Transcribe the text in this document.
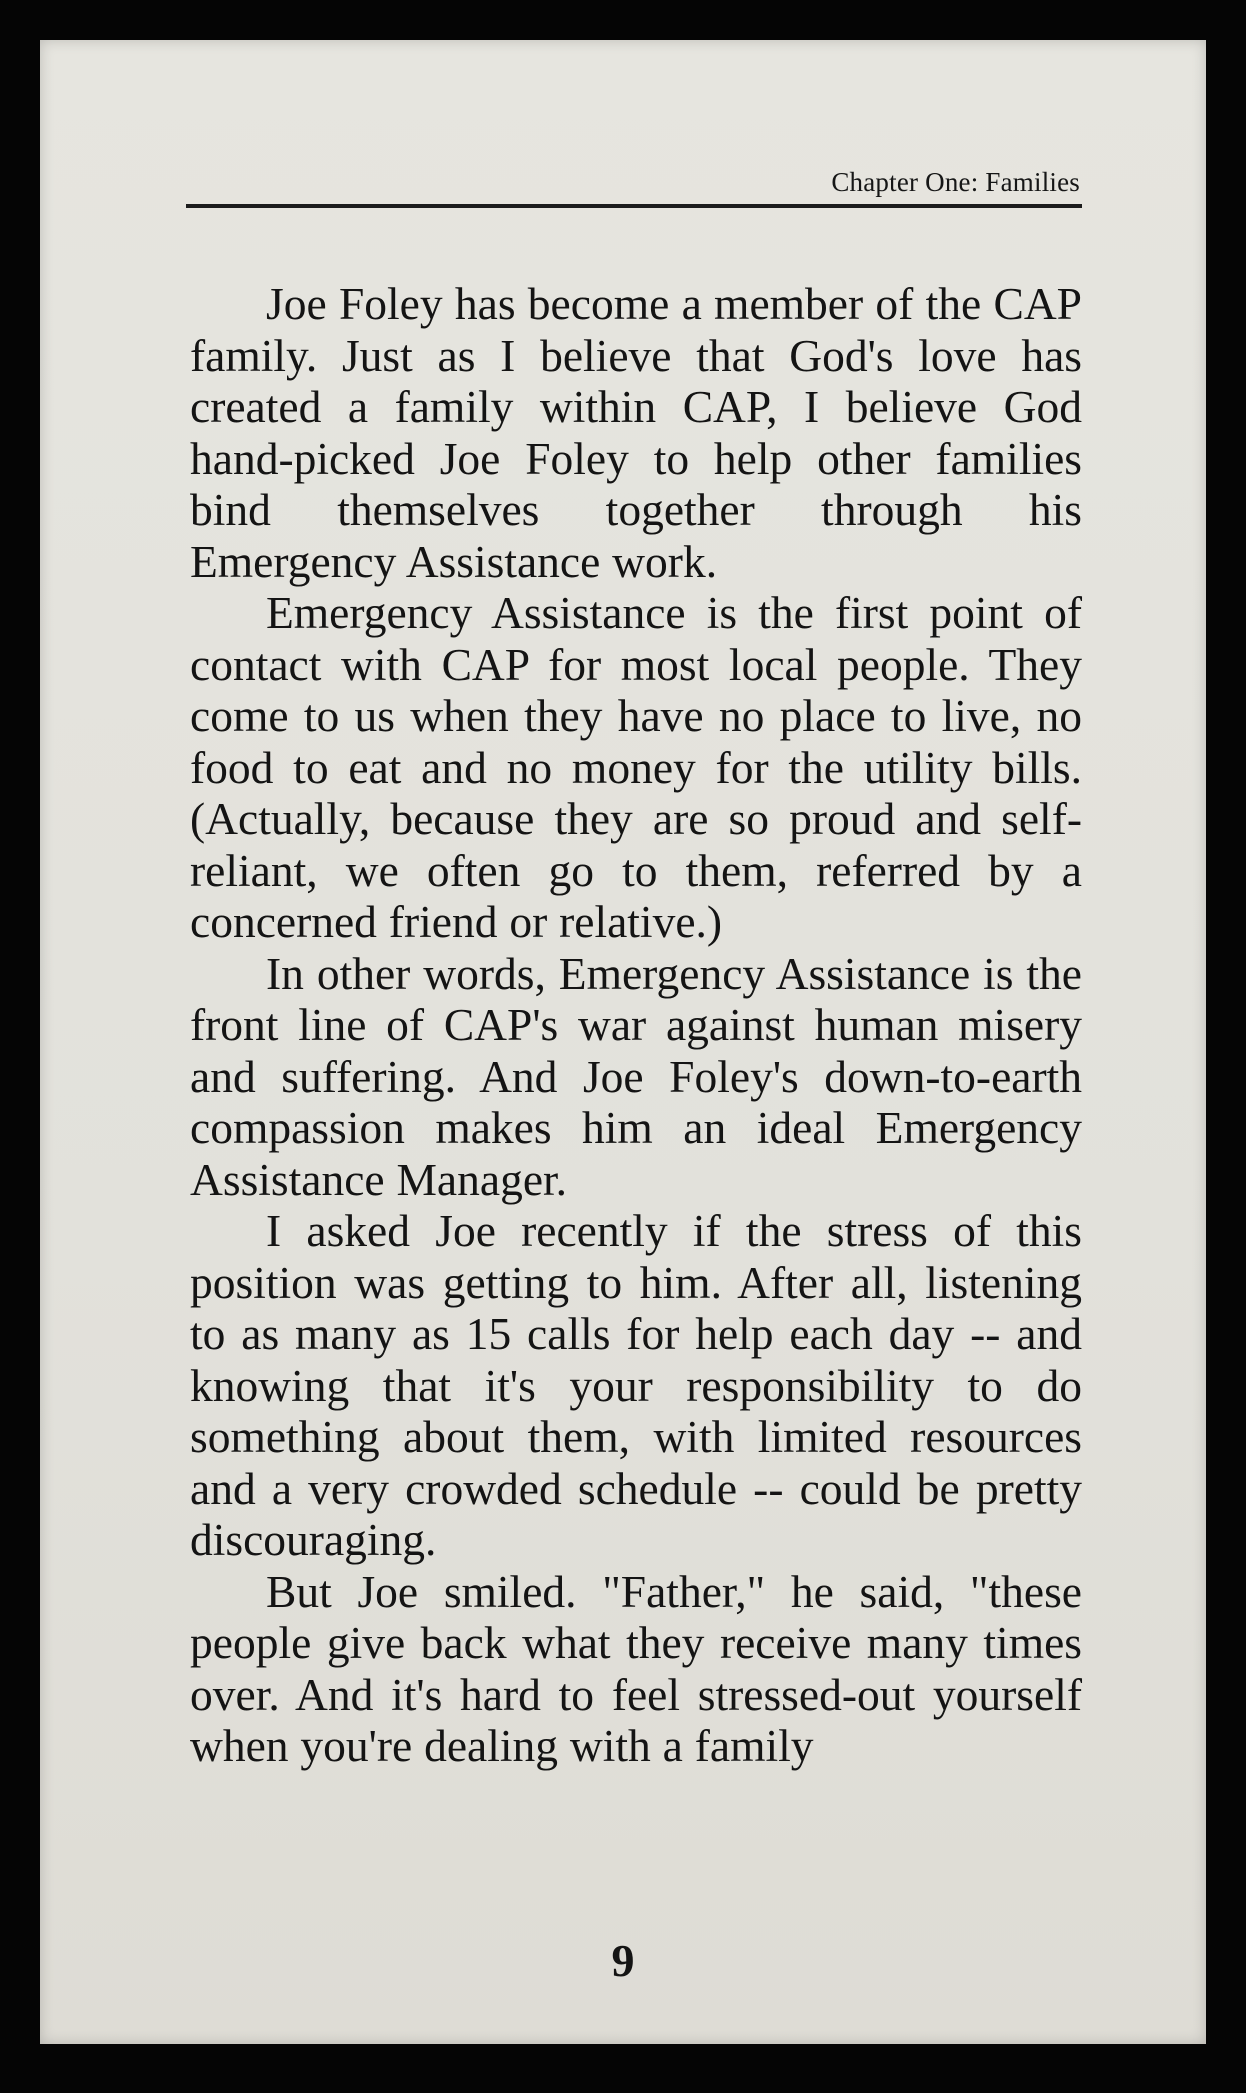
Chapter One: Families

Joe Foley has become a member of the CAP family. Just as I believe that God's love has created a family within CAP, I believe God hand-picked Joe Foley to help other families bind themselves together through his Emergency Assistance work.

Emergency Assistance is the first point of contact with CAP for most local people. They come to us when they have no place to live, no food to eat and no money for the utility bills. (Actually, because they are so proud and self-reliant, we often go to them, referred by a concerned friend or relative.)

In other words, Emergency Assistance is the front line of CAP's war against human misery and suffering. And Joe Foley's down-to-earth compassion makes him an ideal Emergency Assistance Manager.

I asked Joe recently if the stress of this position was getting to him. After all, listening to as many as 15 calls for help each day -- and knowing that it's your responsibility to do something about them, with limited resources and a very crowded schedule -- could be pretty discouraging.

But Joe smiled. "Father," he said, "these people give back what they receive many times over. And it's hard to feel stressed-out yourself when you're dealing with a family

9
